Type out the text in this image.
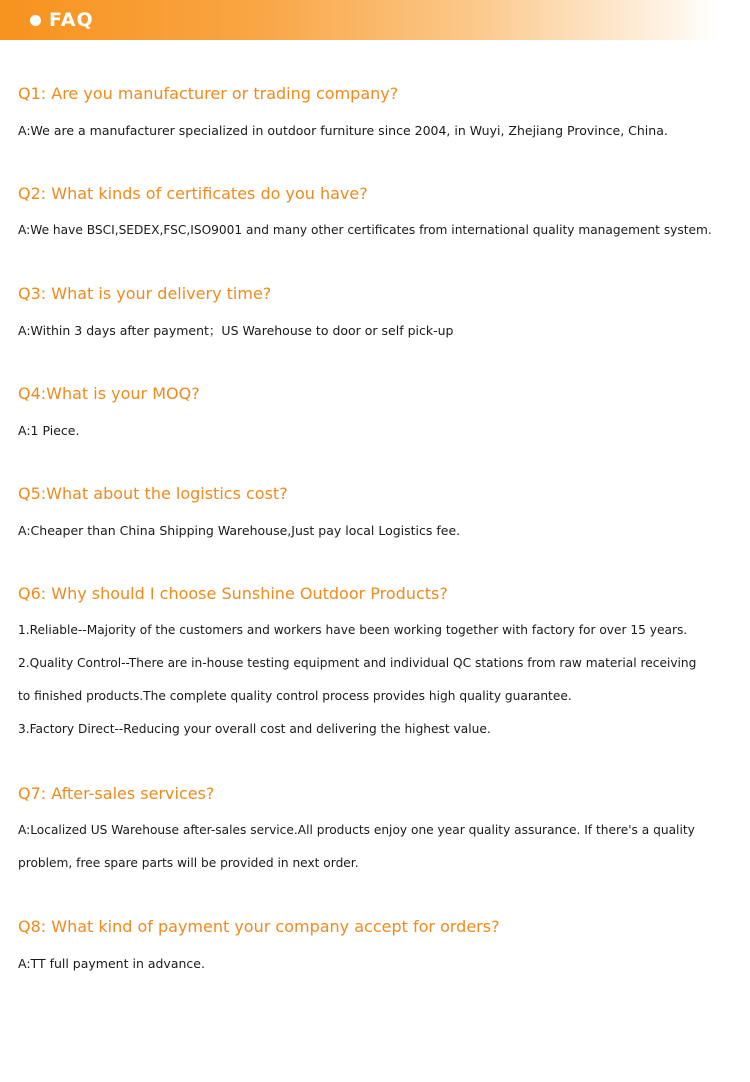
FAQ
Q1: Are you manufacturer or trading company?
A:We are a manufacturer specialized in outdoor furniture since 2004, in Wuyi, Zhejiang Province, China.
Q2: What kinds of certificates do you have?
A:We have BSCI,SEDEX,FSC,ISO9001 and many other certificates from international quality management system.
Q3: What is your delivery time?
A:Within 3 days after payment；US Warehouse to door or self pick-up
Q4:What is your MOQ?
A:1 Piece.
Q5:What about the logistics cost?
A:Cheaper than China Shipping Warehouse,Just pay local Logistics fee.
Q6: Why should I choose Sunshine Outdoor Products?
1.Reliable--Majority of the customers and workers have been working together with factory for over 15 years.
2.Quality Control--There are in-house testing equipment and individual QC stations from raw material receiving
to finished products.The complete quality control process provides high quality guarantee.
3.Factory Direct--Reducing your overall cost and delivering the highest value.
Q7: After-sales services?
A:Localized US Warehouse after-sales service.All products enjoy one year quality assurance. If there's a quality
problem, free spare parts will be provided in next order.
Q8: What kind of payment your company accept for orders?
A:TT full payment in advance.
